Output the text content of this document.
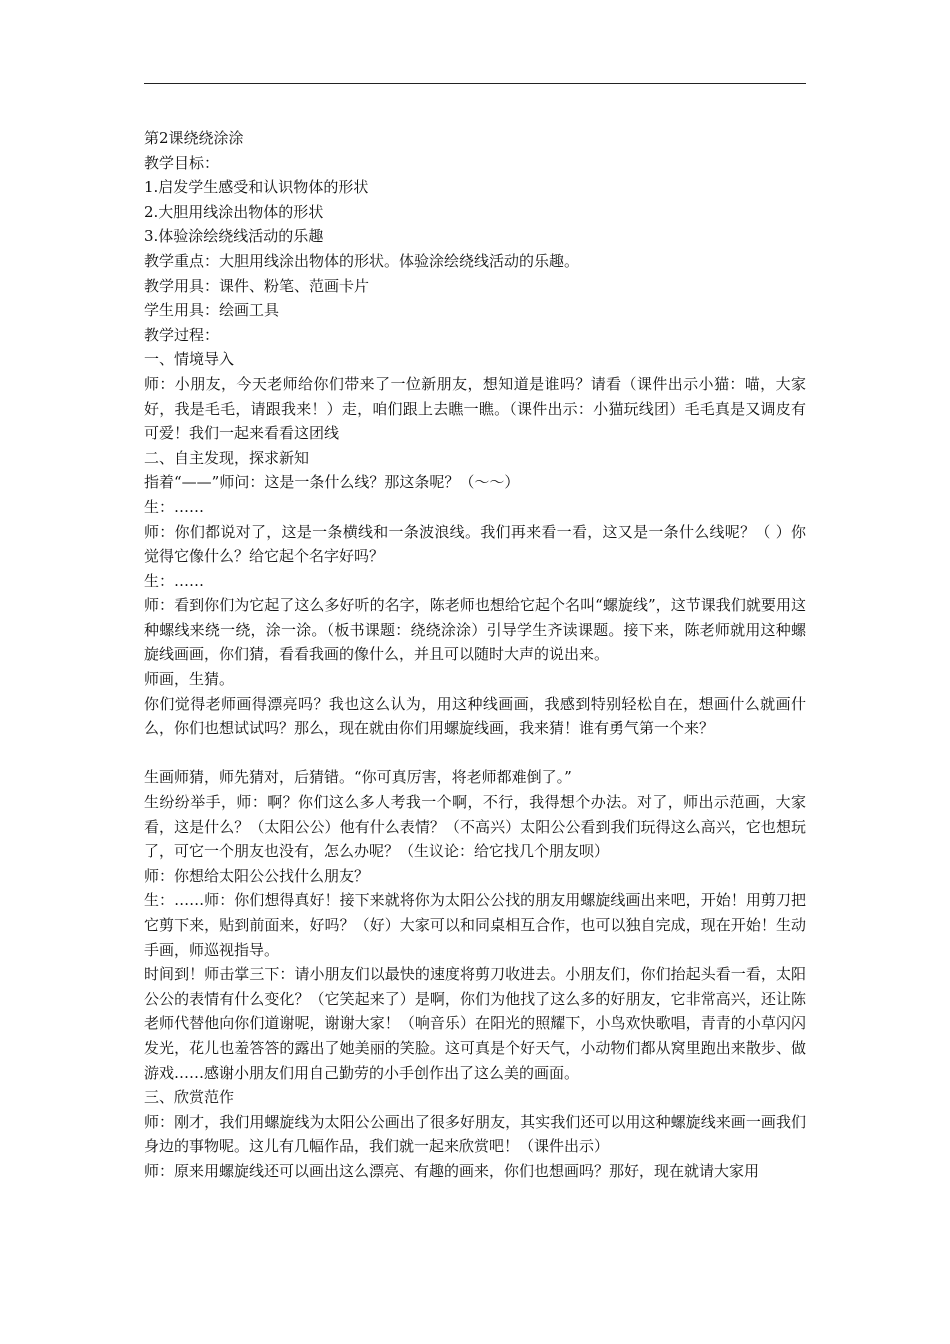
第2课绕绕涂涂

教学目标：

1.启发学生感受和认识物体的形状

2.大胆用线涂出物体的形状

3.体验涂绘绕线活动的乐趣

教学重点：大胆用线涂出物体的形状。体验涂绘绕线活动的乐趣。

教学用具：课件、粉笔、范画卡片

学生用具：绘画工具

教学过程：

一、情境导入

师：小朋友，今天老师给你们带来了一位新朋友，想知道是谁吗？请看（课件出示小猫：喵，大家好，我是毛毛，请跟我来！）走，咱们跟上去瞧一瞧。（课件出示：小猫玩线团）毛毛真是又调皮有可爱！我们一起来看看这团线

二、自主发现，探求新知

指着“——”师问：这是一条什么线？那这条呢？（～～）

生：……

师：你们都说对了，这是一条横线和一条波浪线。我们再来看一看，这又是一条什么线呢？（ ）你觉得它像什么？给它起个名字好吗？

生：……

师：看到你们为它起了这么多好听的名字，陈老师也想给它起个名叫“螺旋线”，这节课我们就要用这种螺线来绕一绕，涂一涂。（板书课题：绕绕涂涂）引导学生齐读课题。接下来，陈老师就用这种螺旋线画画，你们猜，看看我画的像什么，并且可以随时大声的说出来。

师画，生猜。

你们觉得老师画得漂亮吗？我也这么认为，用这种线画画，我感到特别轻松自在，想画什么就画什么，你们也想试试吗？那么，现在就由你们用螺旋线画，我来猜！谁有勇气第一个来？

生画师猜，师先猜对，后猜错。“你可真厉害，将老师都难倒了。”

生纷纷举手，师：啊？你们这么多人考我一个啊，不行，我得想个办法。对了，师出示范画，大家看，这是什么？（太阳公公）他有什么表情？（不高兴）太阳公公看到我们玩得这么高兴，它也想玩了，可它一个朋友也没有，怎么办呢？（生议论：给它找几个朋友呗）

师：你想给太阳公公找什么朋友？

生：……师：你们想得真好！接下来就将你为太阳公公找的朋友用螺旋线画出来吧，开始！用剪刀把它剪下来，贴到前面来，好吗？（好）大家可以和同桌相互合作，也可以独自完成，现在开始！生动手画，师巡视指导。

时间到！师击掌三下：请小朋友们以最快的速度将剪刀收进去。小朋友们，你们抬起头看一看，太阳公公的表情有什么变化？（它笑起来了）是啊，你们为他找了这么多的好朋友，它非常高兴，还让陈老师代替他向你们道谢呢，谢谢大家！（响音乐）在阳光的照耀下，小鸟欢快歌唱，青青的小草闪闪发光，花儿也羞答答的露出了她美丽的笑脸。这可真是个好天气，小动物们都从窝里跑出来散步、做游戏……感谢小朋友们用自己勤劳的小手创作出了这么美的画面。

三、欣赏范作

师：刚才，我们用螺旋线为太阳公公画出了很多好朋友，其实我们还可以用这种螺旋线来画一画我们身边的事物呢。这儿有几幅作品，我们就一起来欣赏吧！（课件出示）

师：原来用螺旋线还可以画出这么漂亮、有趣的画来，你们也想画吗？那好，现在就请大家用
